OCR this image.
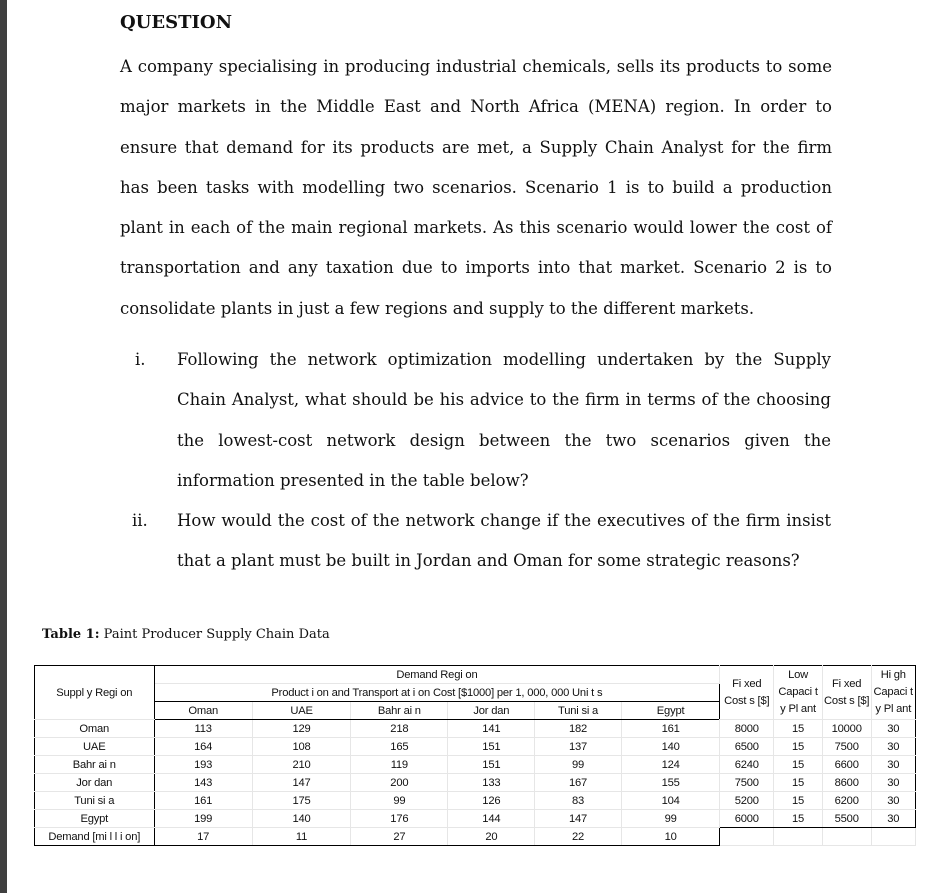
QUESTION

A company specialising in producing industrial chemicals, sells its products to some major markets in the Middle East and North Africa (MENA) region. In order to ensure that demand for its products are met, a Supply Chain Analyst for the firm has been tasks with modelling two scenarios. Scenario 1 is to build a production plant in each of the main regional markets. As this scenario would lower the cost of transportation and any taxation due to imports into that market. Scenario 2 is to consolidate plants in just a few regions and supply to the different markets.

i. Following the network optimization modelling undertaken by the Supply Chain Analyst, what should be his advice to the firm in terms of the choosing the lowest-cost network design between the two scenarios given the information presented in the table below?
ii. How would the cost of the network change if the executives of the firm insist that a plant must be built in Jordan and Oman for some strategic reasons?
Table 1: Paint Producer Supply Chain Data
Suppl y Regi on	Demand Regi on						Fi xed Cost s [$]	Low Capaci t y Pl ant	Fi xed Cost s [$]	Hi gh Capaci t y Pl ant
	Product i on and Transport at i on Cost [$1000] per 1, 000, 000 Uni t s									
	Oman	UAE	Bahr ai n	Jor dan	Tuni si a	Egypt				
Oman	113	129	218	141	182	161	8000	15	10000	30
UAE	164	108	165	151	137	140	6500	15	7500	30
Bahr ai n	193	210	119	151	99	124	6240	15	6600	30
Jor dan	143	147	200	133	167	155	7500	15	8600	30
Tuni si a	161	175	99	126	83	104	5200	15	6200	30
Egypt	199	140	176	144	147	99	6000	15	5500	30
Demand [mi l l i on]	17	11	27	20	22	10				
